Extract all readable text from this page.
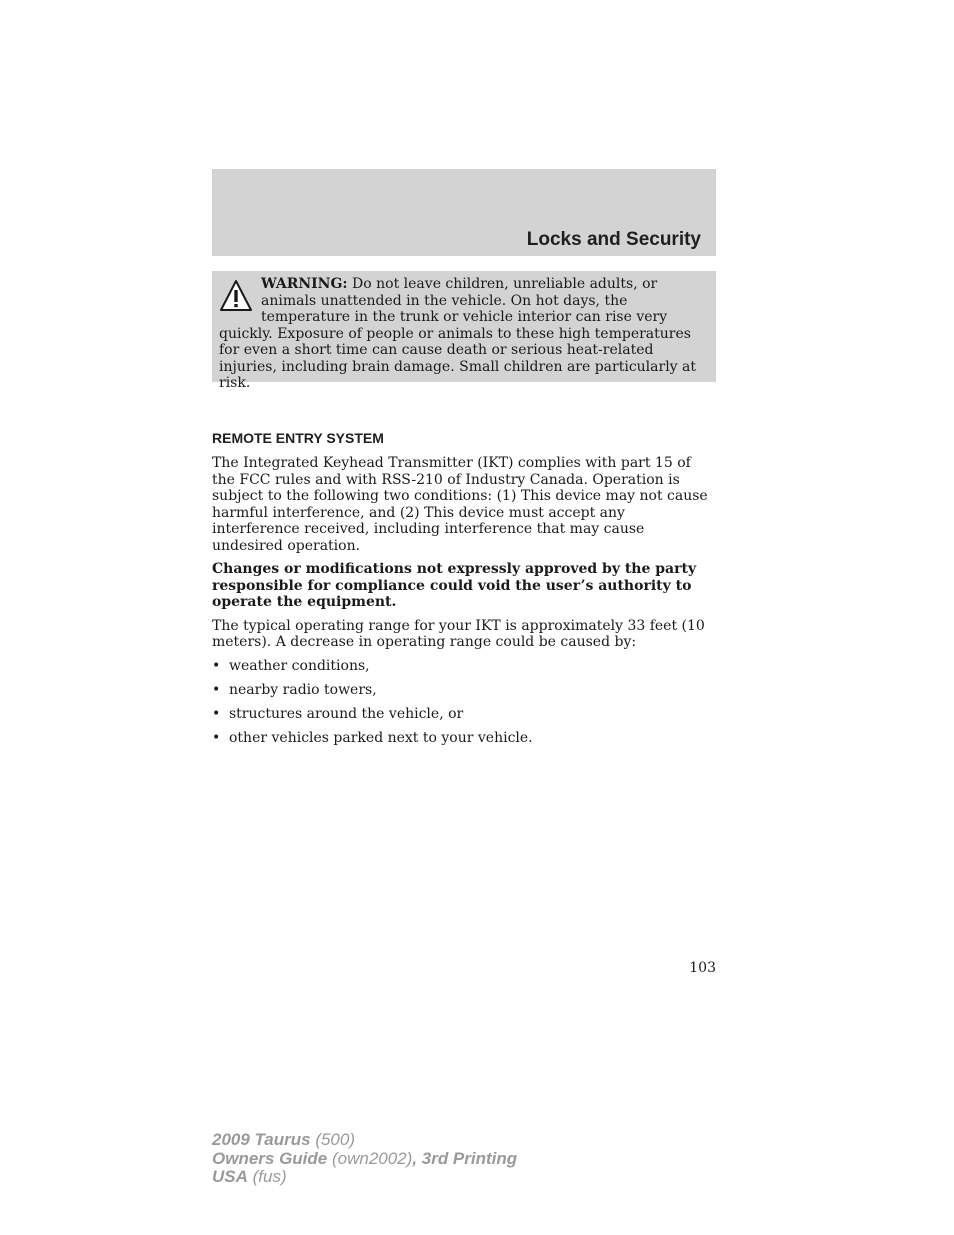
Locks and Security
WARNING: Do not leave children, unreliable adults, or animals unattended in the vehicle. On hot days, the temperature in the trunk or vehicle interior can rise very quickly. Exposure of people or animals to these high temperatures for even a short time can cause death or serious heat-related injuries, including brain damage. Small children are particularly at risk.
REMOTE ENTRY SYSTEM

The Integrated Keyhead Transmitter (IKT) complies with part 15 of the FCC rules and with RSS-210 of Industry Canada. Operation is subject to the following two conditions: (1) This device may not cause harmful interference, and (2) This device must accept any interference received, including interference that may cause undesired operation.

Changes or modifications not expressly approved by the party responsible for compliance could void the user’s authority to operate the equipment.

The typical operating range for your IKT is approximately 33 feet (10 meters). A decrease in operating range could be caused by:

• weather conditions,
• nearby radio towers,
• structures around the vehicle, or
• other vehicles parked next to your vehicle.
103
2009 Taurus (500)
Owners Guide (own2002), 3rd Printing
USA (fus)
